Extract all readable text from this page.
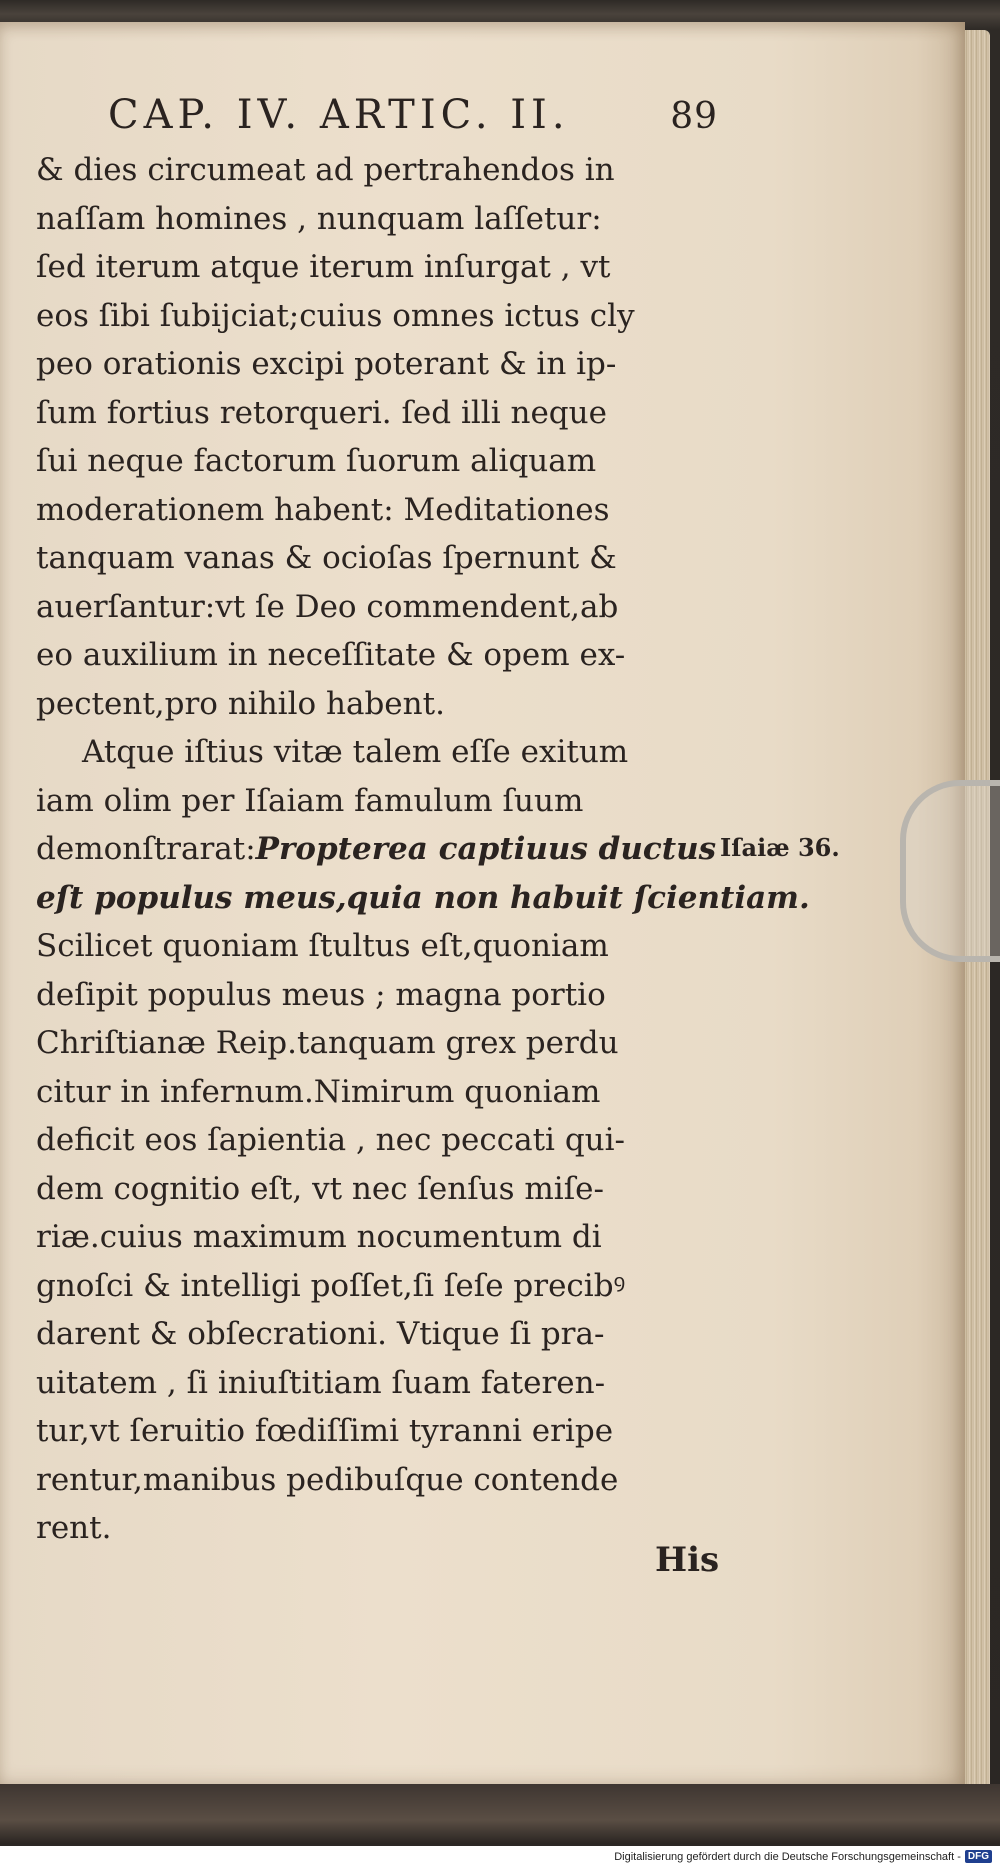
CAP. IV. ARTIC. II.	89
& dies circumeat ad pertrahendos in
naſſam homines , nunquam laſſetur:
ſed iterum atque iterum inſurgat , vt
eos ſibi ſubijciat;cuius omnes ictus cly
peo orationis excipi poterant & in ip-
ſum fortius retorqueri. ſed illi neque
ſui neque factorum ſuorum aliquam
moderationem habent: Meditationes
tanquam vanas & ocioſas ſpernunt &
auerſantur:vt ſe Deo commendent,ab
eo auxilium in neceſſitate & opem ex-
pectent,pro nihilo habent.
Atque iſtius vitæ talem eſſe exitum
iam olim per Iſaiam famulum ſuum
demonſtrarat:Propterea captiuus ductus
eſt populus meus,quia non habuit ſcientiam.
Scilicet quoniam ſtultus eſt,quoniam
deſipit populus meus ; magna portio
Chriſtianæ Reip.tanquam grex perdu
citur in infernum.Nimirum quoniam
deficit eos ſapientia , nec peccati qui-
dem cognitio eſt, vt nec ſenſus miſe-
riæ.cuius maximum nocumentum di
gnoſci & intelligi poſſet,ſi ſeſe precibꝰ
darent & obſecrationi. Vtique ſi pra-
uitatem , ſi iniuſtitiam ſuam fateren-
tur,vt ſeruitio fœdiſſimi tyranni eripe
rentur,manibus pedibuſque contende
rent.
Iſaiæ 36.
His
Digitalisierung gefördert durch die Deutsche Forschungsgemeinschaft - DFG
